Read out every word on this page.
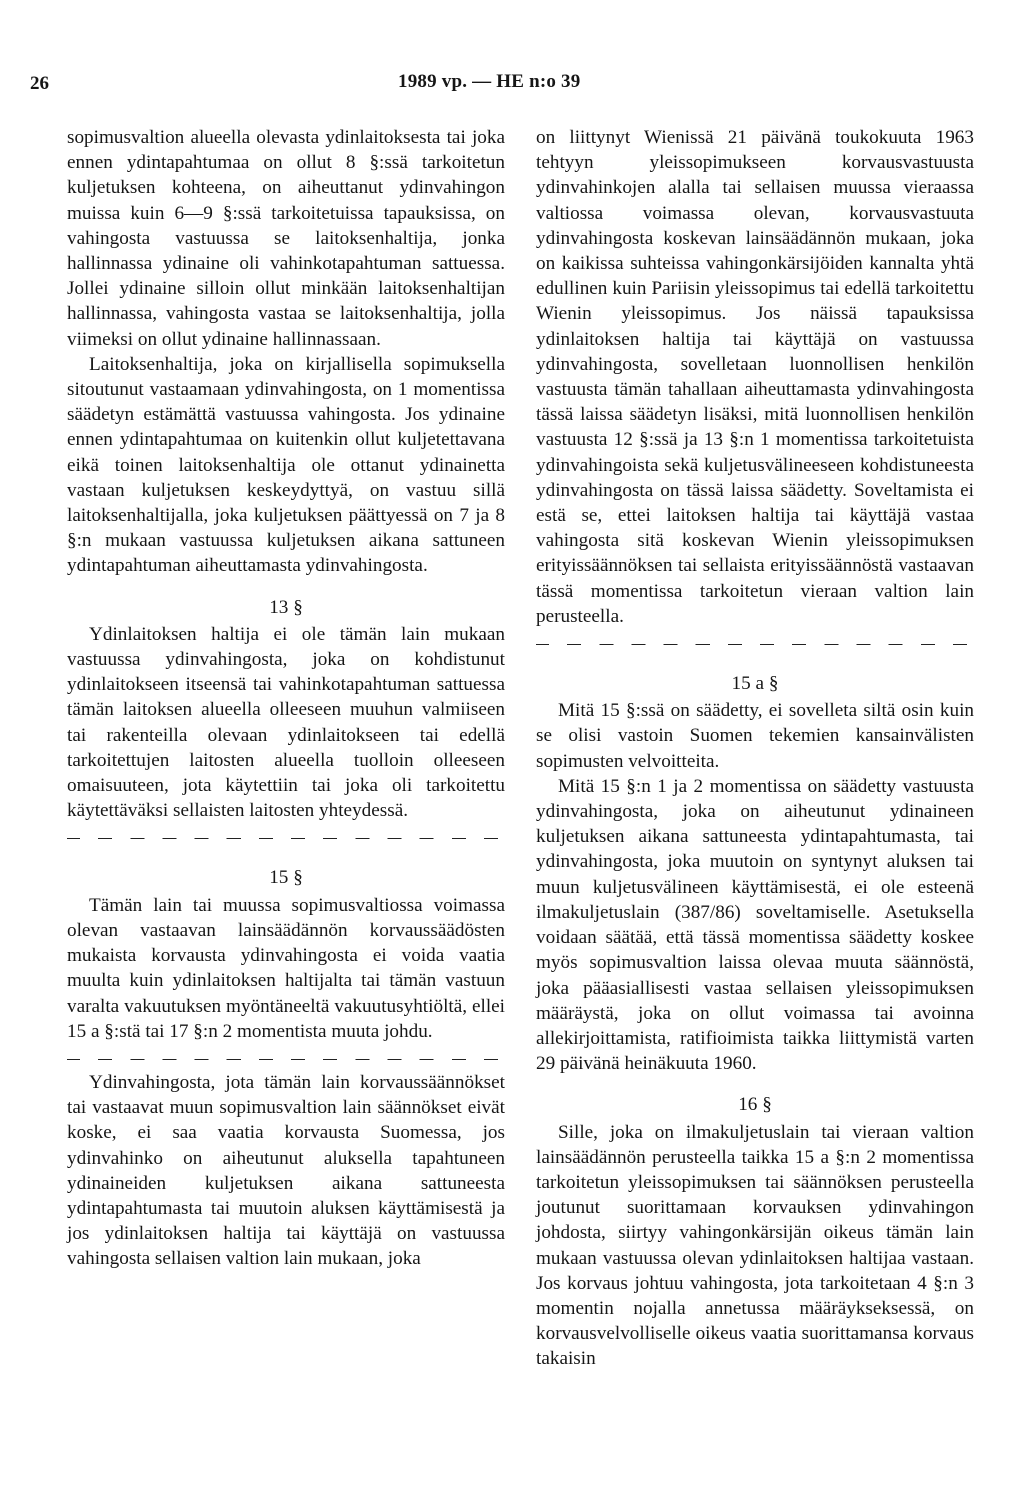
26	1989 vp. — HE n:o 39

sopimusvaltion alueella olevasta ydinlaitoksesta tai joka ennen ydintapahtumaa on ollut 8 §:ssä tarkoitetun kuljetuksen kohteena, on aiheuttanut ydinvahingon muissa kuin 6—9 §:ssä tarkoitetuissa tapauksissa, on vahingosta vastuussa se laitoksenhaltija, jonka hallinnassa ydinaine oli vahinkotapahtuman sattuessa. Jollei ydinaine silloin ollut minkään laitoksenhaltijan hallinnassa, vahingosta vastaa se laitoksenhaltija, jolla viimeksi on ollut ydinaine hallinnassaan.

Laitoksenhaltija, joka on kirjallisella sopimuksella sitoutunut vastaamaan ydinvahingosta, on 1 momentissa säädetyn estämättä vastuussa vahingosta. Jos ydinaine ennen ydintapahtumaa on kuitenkin ollut kuljetettavana eikä toinen laitoksenhaltija ole ottanut ydinainetta vastaan kuljetuksen keskeydyttyä, on vastuu sillä laitoksenhaltijalla, joka kuljetuksen päättyessä on 7 ja 8 §:n mukaan vastuussa kuljetuksen aikana sattuneen ydintapahtuman aiheuttamasta ydinvahingosta.

13 §

Ydinlaitoksen haltija ei ole tämän lain mukaan vastuussa ydinvahingosta, joka on kohdistunut ydinlaitokseen itseensä tai vahinkotapahtuman sattuessa tämän laitoksen alueella olleeseen muuhun valmiiseen tai rakenteilla olevaan ydinlaitokseen tai edellä tarkoitettujen laitosten alueella tuolloin olleeseen omaisuuteen, jota käytettiin tai joka oli tarkoitettu käytettäväksi sellaisten laitosten yhteydessä.

15 §

Tämän lain tai muussa sopimusvaltiossa voimassa olevan vastaavan lainsäädännön korvaussäädösten mukaista korvausta ydinvahingosta ei voida vaatia muulta kuin ydinlaitoksen haltijalta tai tämän vastuun varalta vakuutuksen myöntäneeltä vakuutusyhtiöltä, ellei 15 a §:stä tai 17 §:n 2 momentista muuta johdu.

Ydinvahingosta, jota tämän lain korvaussäännökset tai vastaavat muun sopimusvaltion lain säännökset eivät koske, ei saa vaatia korvausta Suomessa, jos ydinvahinko on aiheutunut aluksella tapahtuneen ydinaineiden kuljetuksen aikana sattuneesta ydintapahtumasta tai muutoin aluksen käyttämisestä ja jos ydinlaitoksen haltija tai käyttäjä on vastuussa vahingosta sellaisen valtion lain mukaan, joka

on liittynyt Wienissä 21 päivänä toukokuuta 1963 tehtyyn yleissopimukseen korvausvastuusta ydinvahinkojen alalla tai sellaisen muussa vieraassa valtiossa voimassa olevan, korvausvastuuta ydinvahingosta koskevan lainsäädännön mukaan, joka on kaikissa suhteissa vahingonkärsijöiden kannalta yhtä edullinen kuin Pariisin yleissopimus tai edellä tarkoitettu Wienin yleissopimus. Jos näissä tapauksissa ydinlaitoksen haltija tai käyttäjä on vastuussa ydinvahingosta, sovelletaan luonnollisen henkilön vastuusta tämän tahallaan aiheuttamasta ydinvahingosta tässä laissa säädetyn lisäksi, mitä luonnollisen henkilön vastuusta 12 §:ssä ja 13 §:n 1 momentissa tarkoitetuista ydinvahingoista sekä kuljetusvälineeseen kohdistuneesta ydinvahingosta on tässä laissa säädetty. Soveltamista ei estä se, ettei laitoksen haltija tai käyttäjä vastaa vahingosta sitä koskevan Wienin yleissopimuksen erityissäännöksen tai sellaista erityissäännöstä vastaavan tässä momentissa tarkoitetun vieraan valtion lain perusteella.

15 a §

Mitä 15 §:ssä on säädetty, ei sovelleta siltä osin kuin se olisi vastoin Suomen tekemien kansainvälisten sopimusten velvoitteita.

Mitä 15 §:n 1 ja 2 momentissa on säädetty vastuusta ydinvahingosta, joka on aiheutunut ydinaineen kuljetuksen aikana sattuneesta ydintapahtumasta, tai ydinvahingosta, joka muutoin on syntynyt aluksen tai muun kuljetusvälineen käyttämisestä, ei ole esteenä ilmakuljetuslain (387/86) soveltamiselle. Asetuksella voidaan säätää, että tässä momentissa säädetty koskee myös sopimusvaltion laissa olevaa muuta säännöstä, joka pääasiallisesti vastaa sellaisen yleissopimuksen määräystä, joka on ollut voimassa tai avoinna allekirjoittamista, ratifioimista taikka liittymistä varten 29 päivänä heinäkuuta 1960.

16 §

Sille, joka on ilmakuljetuslain tai vieraan valtion lainsäädännön perusteella taikka 15 a §:n 2 momentissa tarkoitetun yleissopimuksen tai säännöksen perusteella joutunut suorittamaan korvauksen ydinvahingon johdosta, siirtyy vahingonkärsijän oikeus tämän lain mukaan vastuussa olevan ydinlaitoksen haltijaa vastaan. Jos korvaus johtuu vahingosta, jota tarkoitetaan 4 §:n 3 momentin nojalla annetussa määräykseksessä, on korvausvelvolliselle oikeus vaatia suorittamansa korvaus takaisin
